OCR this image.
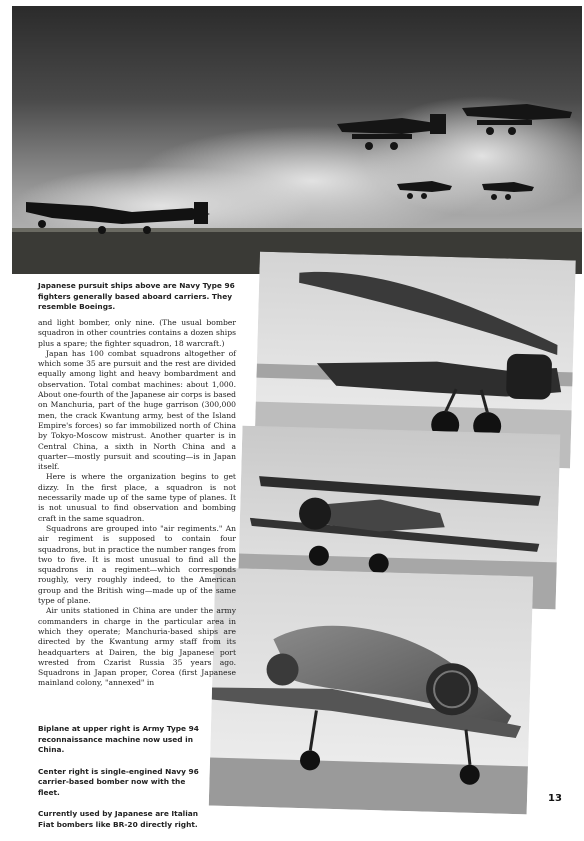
Japanese pursuit ships above are Navy Type 96 fighters generally based aboard carriers. They resemble Boeings.

and light bomber, only nine. (The usual bomber squadron in other countries contains a dozen ships plus a spare; the fighter squadron, 18 warcraft.)

Japan has 100 combat squadrons altogether of which some 35 are pursuit and the rest are divided equally among light and heavy bombardment and observation. Total combat machines: about 1,000. About one-fourth of the Japanese air corps is based on Manchuria, part of the huge garrison (300,000 men, the crack Kwantung army, best of the Island Empire's forces) so far immobilized north of China by Tokyo-Moscow mistrust. Another quarter is in Central China, a sixth in North China and a quarter—mostly pursuit and scouting—is in Japan itself.

Here is where the organization begins to get dizzy. In the first place, a squadron is not necessarily made up of the same type of planes. It is not unusual to find observation and bombing craft in the same squadron.

Squadrons are grouped into "air regiments." An air regiment is supposed to contain four squadrons, but in practice the number ranges from two to five. It is most unusual to find all the squadrons in a regiment—which corresponds roughly, very roughly indeed, to the American group and the British wing—made up of the same type of plane.

Air units stationed in China are under the army commanders in charge in the particular area in which they operate; Manchuria-based ships are directed by the Kwantung army staff from its headquarters at Dairen, the big Japanese port wrested from Czarist Russia 35 years ago. Squadrons in Japan proper, Corea (first Japanese mainland colony, "annexed" in

Biplane at upper right is Army Type 94 reconnaissance machine now used in China.
Center right is single-engined Navy 96 carrier-based bomber now with the fleet.
Currently used by Japanese are Italian Fiat bombers like BR-20 directly right.
13
